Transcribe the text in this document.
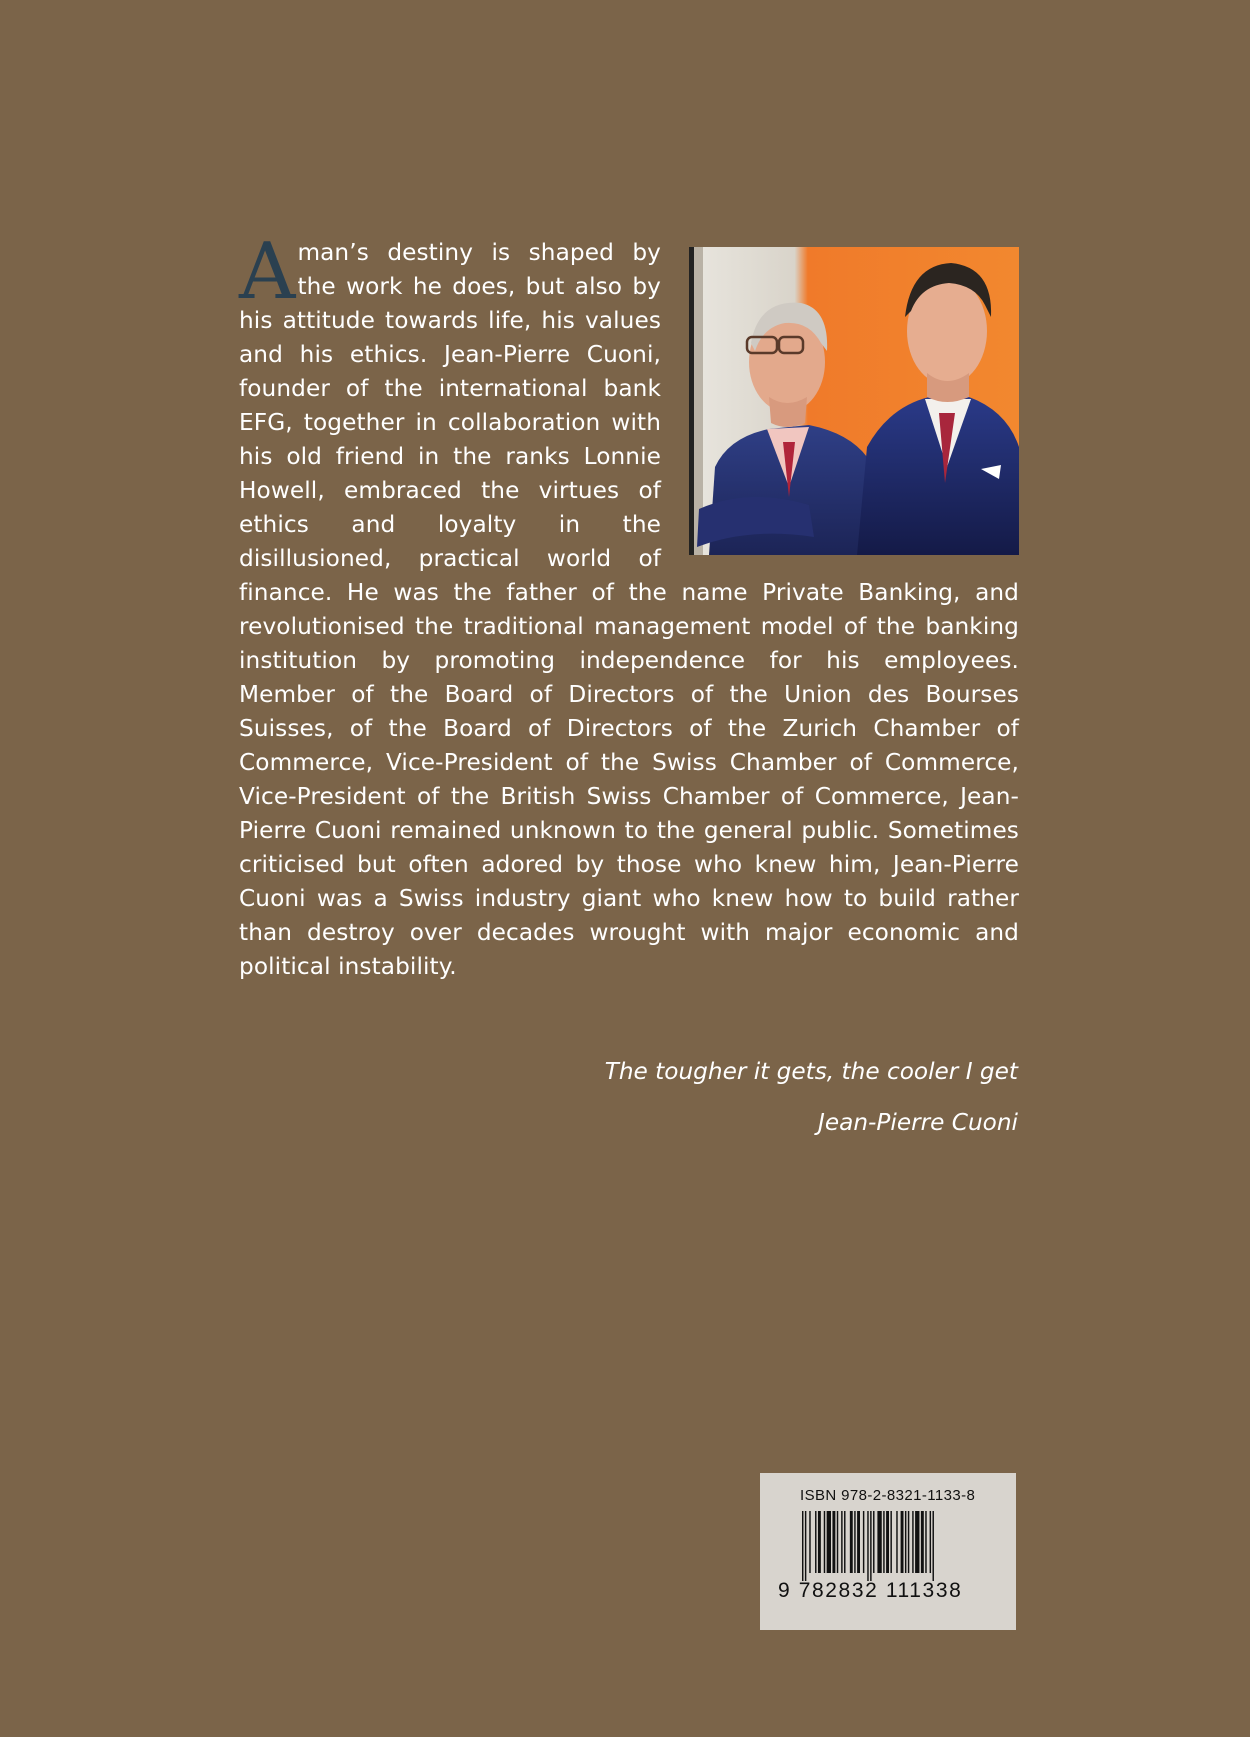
A man’s destiny is shaped by the work he does, but also by his attitude towards life, his values and his ethics. Jean-Pierre Cuoni, founder of the international bank EFG, together in collaboration with his old friend in the ranks Lonnie Howell, embraced the virtues of ethics and loyalty in the disillusioned, practical world of finance. He was the father of the name Private Banking, and revolutionised the traditional management model of the banking institution by promoting independence for his employees. Member of the Board of Directors of the Union des Bourses Suisses, of the Board of Directors of the Zurich Chamber of Commerce, Vice-President of the Swiss Chamber of Commerce, Vice-President of the British Swiss Chamber of Commerce, Jean-Pierre Cuoni remained unknown to the general public. Sometimes criticised but often adored by those who knew him, Jean-Pierre Cuoni was a Swiss industry giant who knew how to build rather than destroy over decades wrought with major economic and political instability.
The tougher it gets, the cooler I get
Jean-Pierre Cuoni
ISBN 978-2-8321-1133-8
9 782832 111338
